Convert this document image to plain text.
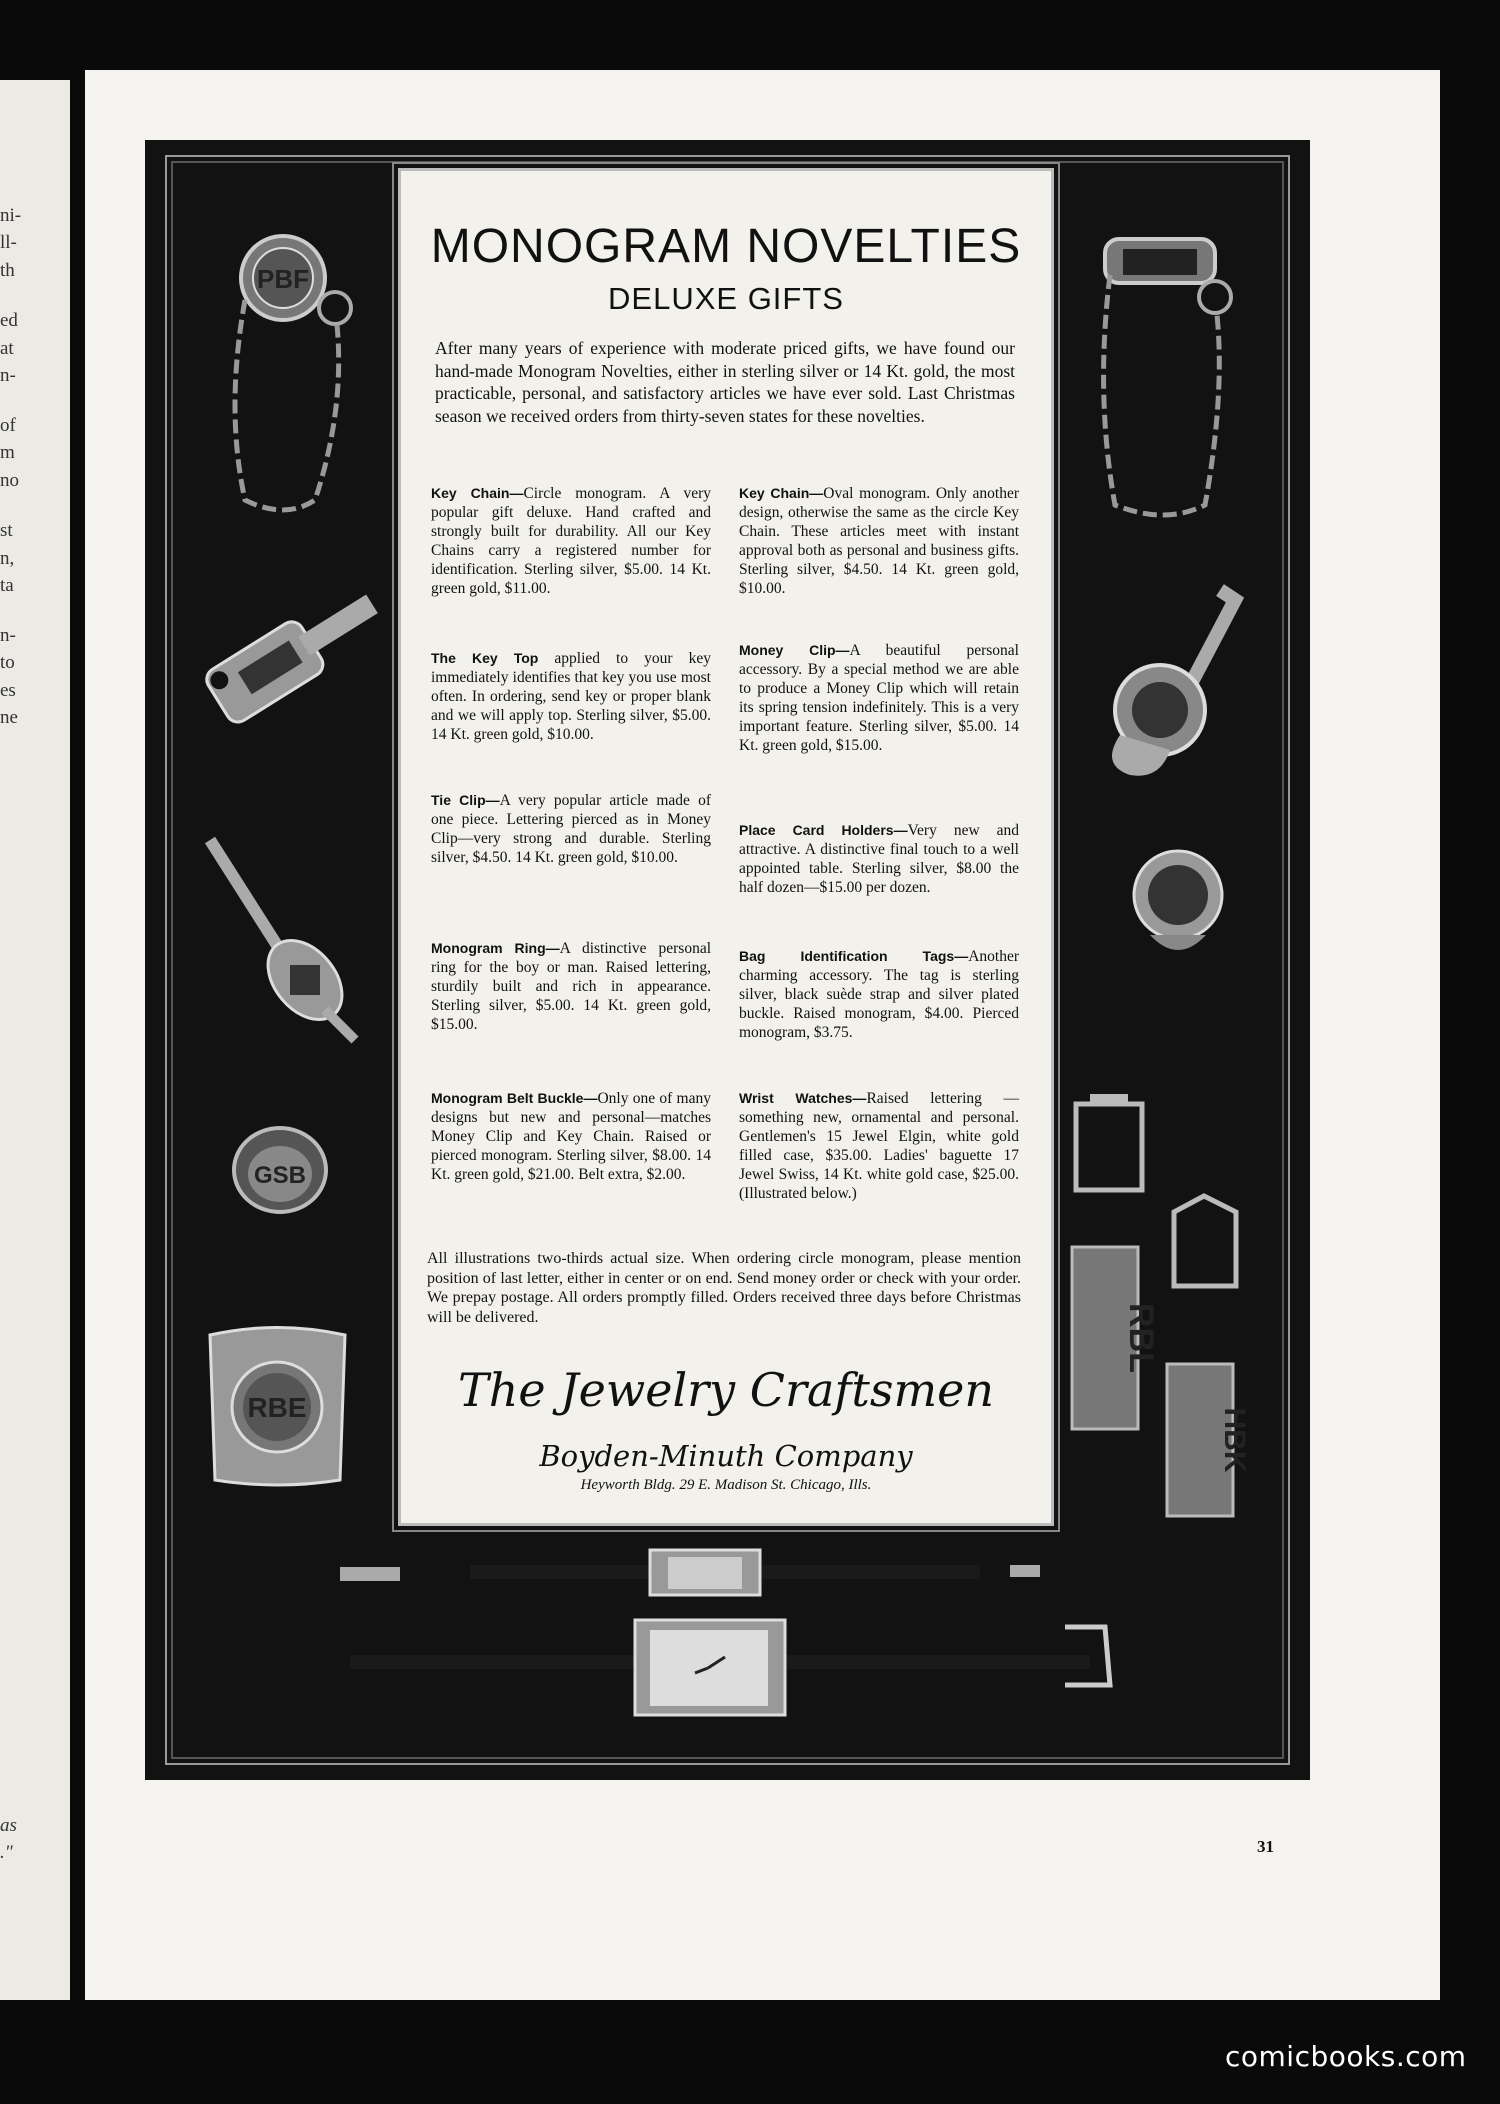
ni-
ll-
th
ed
at
n-
of
m
no
st
n,
ta
n-
to
es
ne
as
."
PBF
CKS
GSB
RBE
RBL
HBK
MONOGRAM NOVELTIES
DELUXE GIFTS
After many years of experience with moderate priced gifts, we have found our hand-made Monogram Novelties, either in sterling silver or 14 Kt. gold, the most practicable, personal, and satisfactory articles we have ever sold. Last Christmas season we received orders from thirty-seven states for these novelties.
Key Chain—Circle monogram. A very popular gift deluxe. Hand crafted and strongly built for durability. All our Key Chains carry a registered number for identification. Sterling silver, $5.00. 14 Kt. green gold, $11.00.
Key Chain—Oval monogram. Only another design, otherwise the same as the circle Key Chain. These articles meet with instant approval both as personal and business gifts. Sterling silver, $4.50. 14 Kt. green gold, $10.00.
The Key Top applied to your key immediately identifies that key you use most often. In ordering, send key or proper blank and we will apply top. Sterling silver, $5.00. 14 Kt. green gold, $10.00.
Money Clip—A beautiful personal accessory. By a special method we are able to produce a Money Clip which will retain its spring tension indefinitely. This is a very important feature. Sterling silver, $5.00. 14 Kt. green gold, $15.00.
Tie Clip—A very popular article made of one piece. Lettering pierced as in Money Clip—very strong and durable. Sterling silver, $4.50. 14 Kt. green gold, $10.00.
Place Card Holders—Very new and attractive. A distinctive final touch to a well appointed table. Sterling silver, $8.00 the half dozen—$15.00 per dozen.
Monogram Ring—A distinctive personal ring for the boy or man. Raised lettering, sturdily built and rich in appearance. Sterling silver, $5.00. 14 Kt. green gold, $15.00.
Bag Identification Tags—Another charming accessory. The tag is sterling silver, black suède strap and silver plated buckle. Raised monogram, $4.00. Pierced monogram, $3.75.
Monogram Belt Buckle—Only one of many designs but new and personal—matches Money Clip and Key Chain. Raised or pierced monogram. Sterling silver, $8.00. 14 Kt. green gold, $21.00. Belt extra, $2.00.
Wrist Watches—Raised lettering —something new, ornamental and personal. Gentlemen's 15 Jewel Elgin, white gold filled case, $35.00. Ladies' baguette 17 Jewel Swiss, 14 Kt. white gold case, $25.00. (Illustrated below.)
All illustrations two-thirds actual size. When ordering circle monogram, please mention position of last letter, either in center or on end. Send money order or check with your order. We prepay postage. All orders promptly filled. Orders received three days before Christmas will be delivered.
The Jewelry Craftsmen
Boyden-Minuth Company
Heyworth Bldg. 29 E. Madison St. Chicago, Ills.
31
comicbooks.com
